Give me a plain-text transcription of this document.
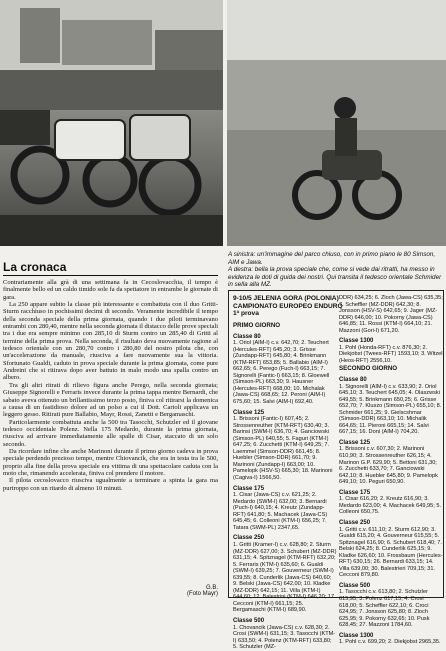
A sinistra: un'immagine del parco chiuso, con in primo piano le 80 Simson, AIM e Jawa.

A destra: bella la prova speciale che, come si vede dai ritratti, ha messo in evidenza le doti di guida dei nostri. Qui transita il tedesco orientale Schmider in sella alla MZ.

La cronaca

Contrariamente alla grà di una settimana fa in Cecoslovacchia, il tempo è finalmente bello ed un caldo timido sole fa da spettatore in entrambe le giornate di gara.

La 250 appare subito la classe più interessante e combattuta con il duo Gritti-Sturm racchiuso in pochissimi decimi di secondo. Veramente incredibile il tempo della seconda speciale della prima giornata, quando i due piloti terminavano entrambi con 280,40, mentre nella seconda giornata il distacco delle prove speciali tra i due era sempre minimo con 285,10 di Sturm contro un 285,40 di Gritti al termine della prima prova. Nella seconda, il risultato deva nuovamente ragione al tedesco orientale con un 280,70 contro i 280,80 del nostro pilota che, con un'accelerazione da manuale, riusciva a fare nuovamente sua la vittoria. Sfortunato Gualdi, caduto in prova speciale durante la prima giornata, come pure Andreini che si ritirava dopo aver battuto in malo modo una spalla contro un albero.

Tra gli altri ritrati di rilievo figura anche Perego, nella seconda giornata; Giuseppe Signorelli e Ferraris invece durante la prima tappa mentre Bernardi, che sabato aveva ottenuto un brillantissimo terzo posto, finiva col ritirarsi la domenica a causa di un fastidioso dolore ad un polso a cui il Dott. Carioli applicava un leggero gesso. Ritirati pure Ballabio, Mayr, Rossi, Zanetti e Bergamaschi.

Particolarmente combattuta anche la 500 tra Tasocchi, Schutzler ed il giovane tedesco occidentale Polenz. Nella 175 Medardo, durante la prima giornata, riusciva ad arrivare immediatamente alle spalle di Cisar, staccato di un solo secondo.

Da ricordare infine che anche Marinoni durante il primo giorno cadeva in prova speciale perdendo prezioso tempo, mentre Chiovancik, che era in testa tra le 500, proprio alla fine della prova speciale era vittima di una spettacolare caduta con la moto che, rimanendo accelerata, finiva col prendere il motore.

Il pilota cecoslovacco riusciva ugualmente a terminare a spinta la gara ma purtroppo con un ritardo di almeno 10 minuti.

G.B.
(Foto Mayr)
9-10/5 JELENIA GORA (POLONIA)
CAMPIONATO EUROPEO ENDURO
1ª prova
PRIMO GIORNO
Classe 80

1. Oriol (AIM-I) c.v. 642,70; 2. Teuchert (Hercules-RFT) 645,20; 3. Grisse (Zundapp-RFT) 645,80; 4. Brinkmann (KTM-RFT) 653,85; 5. Ballabio (AIM-I) 662,65; 6. Perego (Fuch-I) 663,15; 7. Signorelli (Fantic-I) 663,15; 8. Gloewell (Simson-PL) 663,30; 9. Hausner (Hercules-RFT) 668,00; 10. Michalak (Jawa-CS) 668,65; 12. Peroni (AIM-I) 675,60; 15. Salvi (AIM-I) 692,40.

Classe 125

1. Brissoni (Fantic-I) 607,45; 2. Strossenreuther (KTM-RFT) 630,40; 3. Barinsi (SWM-I) 636,70; 4. Ganciowski (Simson-PL) 640,55; 5. Faguri (KTM-I) 647,25; 6. Zucchetti (KTM-I) 649,25; 7. Laemmel (Simson-DDR) 661,45; 8. Huebler (Simson-DDR) 661,70; 9. Marinoni (Zundapp-I) 663,00; 10. Pamelopk (HSV-S) 665,30; 18. Marinoni (Cagiva-I) 1566,50.

Classe 175

1. Cisar (Jawa-CS) c.v. 621,25; 2. Medardo (SWM-I) 632,00; 3. Bernardi (Puch-I) 640,15; 4. Kreutz (Zundapp-RFT) 641,80; 5. Machacek (Jawa-CS) 645,45; 6. Colleoni (KTM-I) 656,25; 7. Tatara (SWM-PL) 2347,65.

Classe 250

1. Gritti (Kramer-I) c.v. 628,80; 2. Sturm (MZ-DDR) 627,00; 3. Schubert (MZ-DDR) 631,15; 4. Spitznagel (KTM-RFT) 632,20; 5. Ferraris (KTM-I) 635,60; 6. Gualdi (SWM-I) 639,25; 7. Gouverneur (SWM-I) 639,55; 8. Cunderlik (Jawa-CS) 640,60; 9. Belski (Jawa-CS) 642,00; 10. Kladke (MZ-DDR) 642,15; 11. Villa (KTM-I) 644,60; 12. Balestrini (KTM-I) 646,20; 17. Cecconi (KTM-I) 661,15; 25. Bergamaschi (KTM-I) 689,90.

Classe 500

1. Chovancik (Jawa-CS) c.v. 628,30; 2. Crosi (SWM-I) 631,15; 3. Tasocchi (KTM-I) 633,50; 4. Polenz (KTM-RFT) 633,80; 5. Schutzler (MZ-

DDR) 634,25; 6. Zloch (Jawa-CS) 635,35; 7. Scheffler (MZ-DDR) 642,30; 8. Jonsson (HSV-S) 642,65; 9. Jager (MZ-DDR) 646,00; 10. Pokorny (Jawa-CS) 646,85; 11. Rossi (KTM-I) 664,10; 21. Mazzoni (Gori-I) 671,20.

Classe 1300

1. Pohl (Honda-RFT) c.v. 876,30; 2. Diekjobst (Twees-RFT) 1593,10; 3. Witzel (Heos-RFT) 2556,10.

SECONDO GIORNO
Classe 80

1. Signorelli (AIM-I) c.v. 633,90; 2. Oriol 645,10; 3. Teuchert 645,05; 4. Olaszwski 649,55; 5. Brinkmann 650,25; 6. Grisse 652,70; 7. Kluszo (Simson-PL) 655,10; 8. Schmider 661,25; 9. Gielscshmar (Simson-DDR) 663,10; 10. Michalik 664,65; 11. Pieroni 665,15; 14. Salvi 667,15; 16. Doni (AIM-I) 704,20.

Classe 125

1. Brissoni c.v. 607,30; 2. Marinoni 610,90; 3. Strossenreuther 626,15; 4. Marinon G.P. 629,90; 5. Bettoni 631,30; 6. Zucchetti 633,70; 7. Ganciowski 642,10; 8. Huebler 645,80; 9. Pamelopk 649,10; 10. Peguri 650,90.

Classe 175

1. Cisar 616,20; 2. Kreutz 616,90; 3. Medardo 623,00; 4. Machacek 649,95; 5. Colleoni 650,75.

Classe 250

1. Gritti c.v. 611,10; 2. Sturm 612,90; 3. Gualdi 615,20; 4. Gouverneur 615,55; 5. Spitznagel 616,90; 6. Schubert 618,40; 7. Belski 624,25; 8. Cunderlik 625,15; 9. Kladke 626,60; 10. Frossbaum (Hercules-RFT) 630,15; 26. Bernardi 633,15; 14. Villa 639,00; 30. Balestrieri 709,15; 31. Cecconi 879,80.

Classe 500

1. Tasocchi c.v. 613,80; 2. Schutzler 615,95; 3. Polenz 617,15; 4. Crosi 618,00; 5. Scheffler 622,10; 6. Croci 624,95; 7. Jonsson 625,80; 8. Zloch 625,95; 9. Pokorny 632,65; 10. Pusk 628,45; 27. Mazzoni 1784,60.

Classe 1300

1. Pohl c.v. 699,20; 2. Diekjobst 2965,35.
